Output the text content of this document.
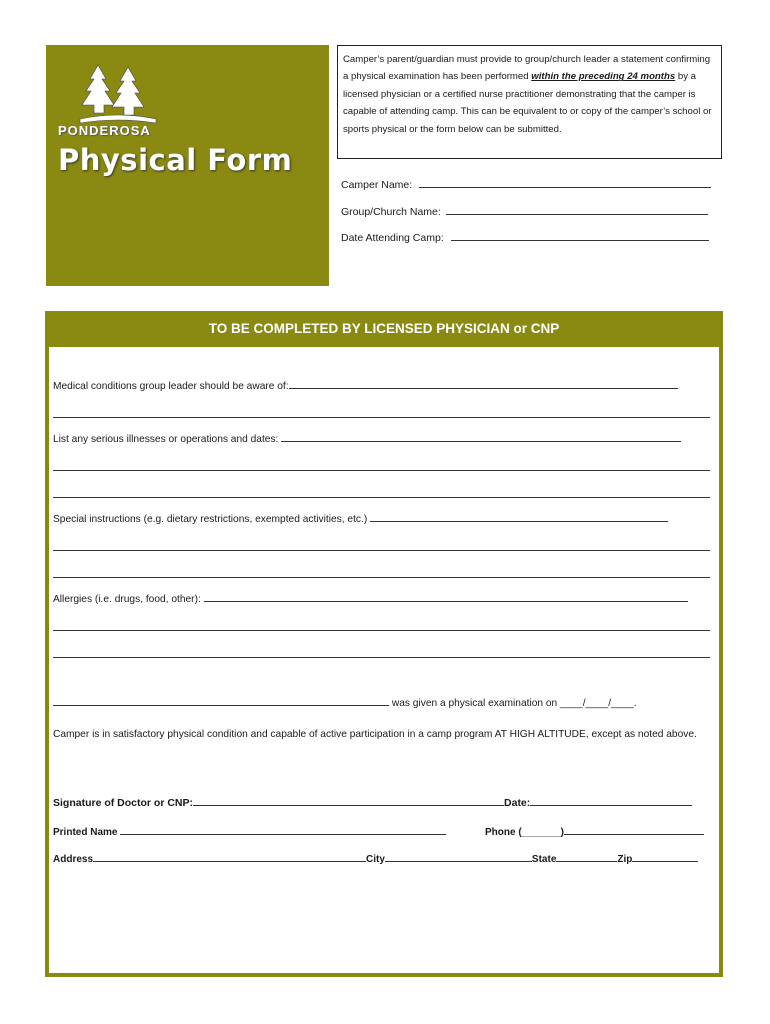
PONDEROSA
Physical Form
Camper’s parent/guardian must provide to group/church leader a statement confirming a physical examination has been performed within the preceding 24 months by a licensed physician or a certified nurse practitioner demonstrating that the camper is capable of attending camp. This can be equivalent to or copy of the camper’s school or sports physical or the form below can be submitted.
Camper Name:
Group/Church Name:
Date Attending Camp:
TO BE COMPLETED BY LICENSED PHYSICIAN or CNP
Medical conditions group leader should be aware of:
List any serious illnesses or operations and dates:
Special instructions (e.g. dietary restrictions, exempted activities, etc.)
Allergies (i.e. drugs, food, other):
was given a physical examination on ____/____/____.
Camper is in satisfactory physical condition and capable of active participation in a camp program AT HIGH ALTITUDE, except as noted above.
Signature of Doctor or CNP:	Date:
Printed Name	Phone (_______)
Address	City	State	Zip
